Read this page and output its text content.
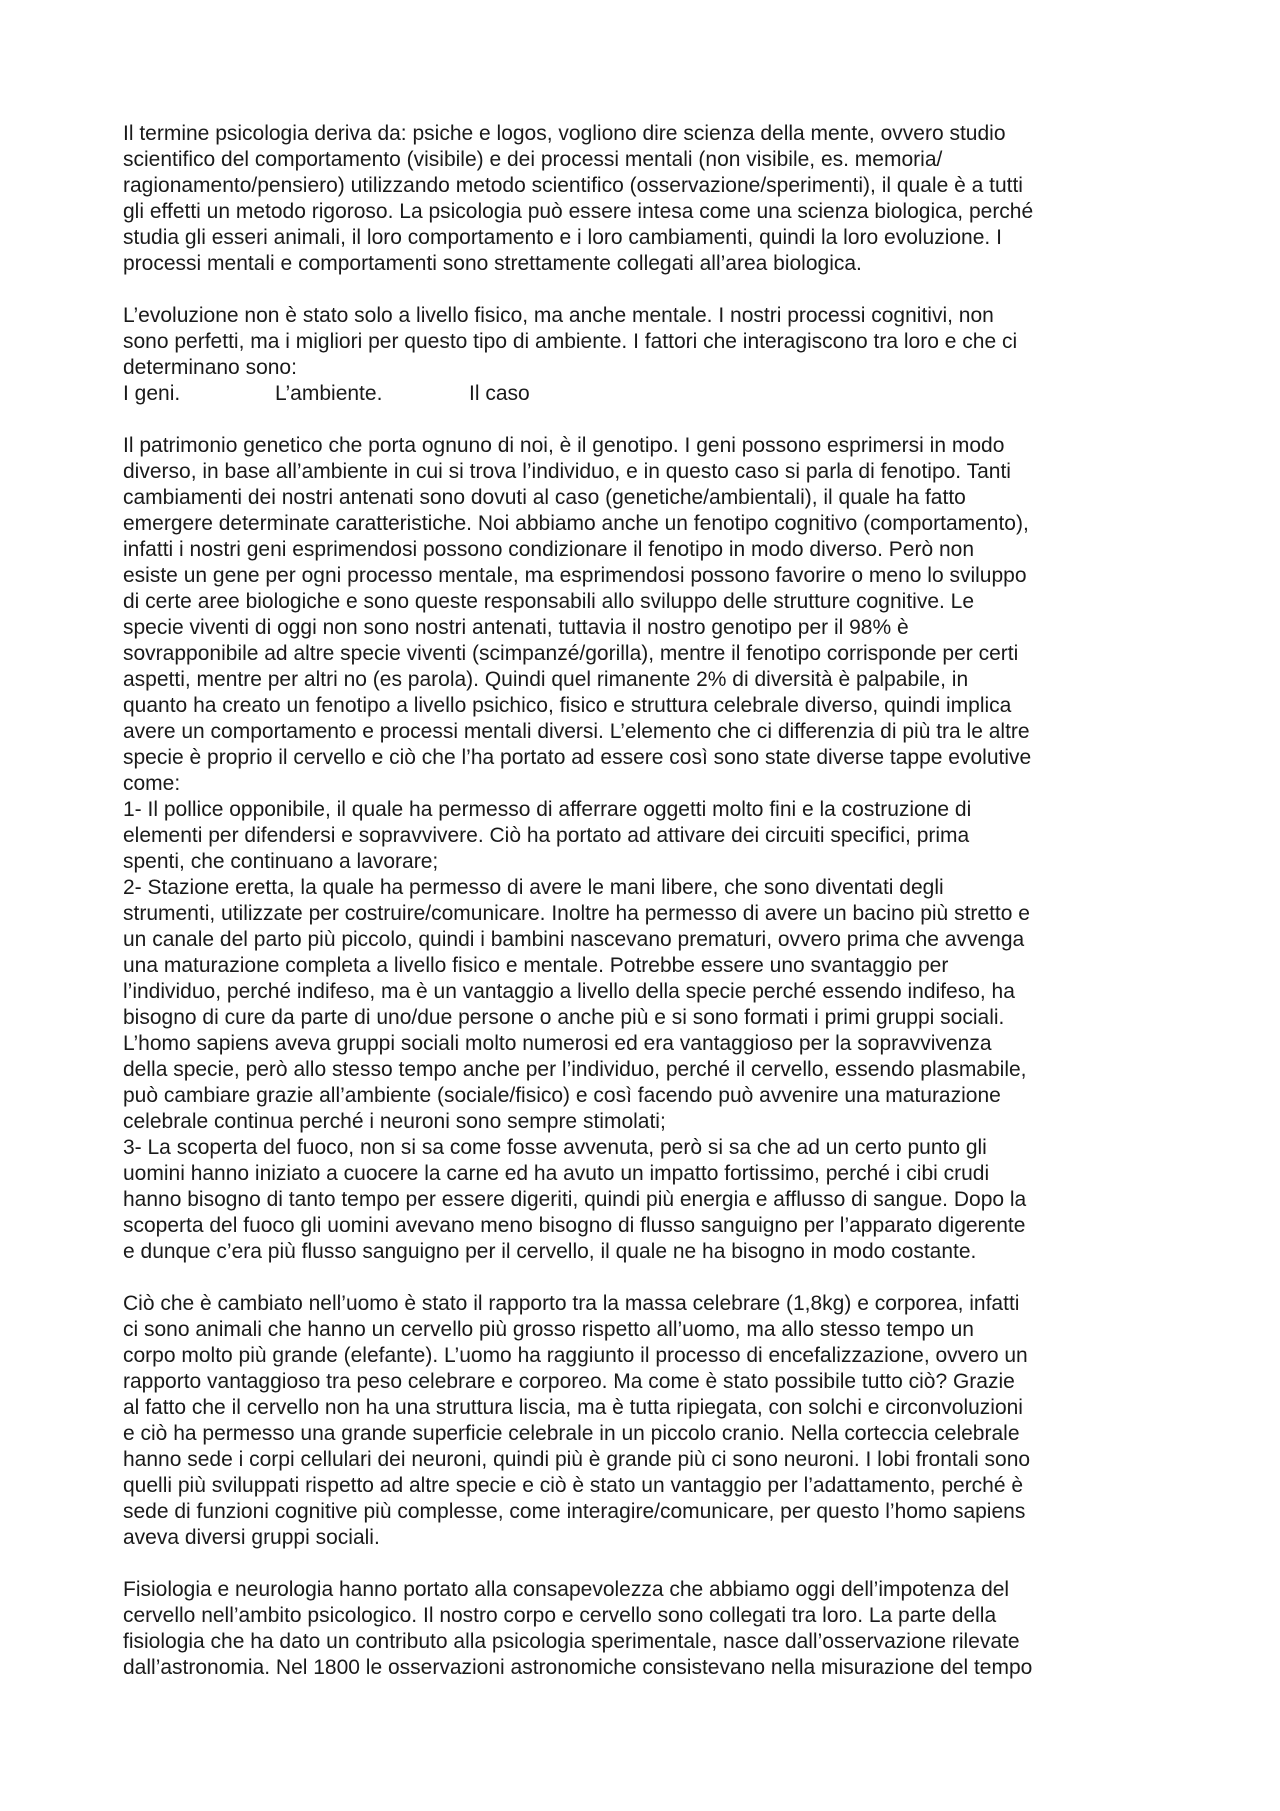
Il termine psicologia deriva da: psiche e logos, vogliono dire scienza della mente, ovvero studio
scientifico del comportamento (visibile) e dei processi mentali (non visibile, es. memoria/
ragionamento/pensiero) utilizzando metodo scientifico (osservazione/sperimenti), il quale è a tutti
gli effetti un metodo rigoroso. La psicologia può essere intesa come una scienza biologica, perché
studia gli esseri animali, il loro comportamento e i loro cambiamenti, quindi la loro evoluzione. I
processi mentali e comportamenti sono strettamente collegati all’area biologica.
L’evoluzione non è stato solo a livello fisico, ma anche mentale. I nostri processi cognitivi, non
sono perfetti, ma i migliori per questo tipo di ambiente. I fattori che interagiscono tra loro e che ci
determinano sono:
I geni.	L’ambiente.	Il caso
Il patrimonio genetico che porta ognuno di noi, è il genotipo. I geni possono esprimersi in modo
diverso, in base all’ambiente in cui si trova l’individuo, e in questo caso si parla di fenotipo. Tanti
cambiamenti dei nostri antenati sono dovuti al caso (genetiche/ambientali), il quale ha fatto
emergere determinate caratteristiche. Noi abbiamo anche un fenotipo cognitivo (comportamento),
infatti i nostri geni esprimendosi possono condizionare il fenotipo in modo diverso. Però non
esiste un gene per ogni processo mentale, ma esprimendosi possono favorire o meno lo sviluppo
di certe aree biologiche e sono queste responsabili allo sviluppo delle strutture cognitive. Le
specie viventi di oggi non sono nostri antenati, tuttavia il nostro genotipo per il 98% è
sovrapponibile ad altre specie viventi (scimpanzé/gorilla), mentre il fenotipo corrisponde per certi
aspetti, mentre per altri no (es parola). Quindi quel rimanente 2% di diversità è palpabile, in
quanto ha creato un fenotipo a livello psichico, fisico e struttura celebrale diverso, quindi implica
avere un comportamento e processi mentali diversi. L’elemento che ci differenzia di più tra le altre
specie è proprio il cervello e ciò che l’ha portato ad essere così sono state diverse tappe evolutive
come:
1- Il pollice opponibile, il quale ha permesso di afferrare oggetti molto fini e la costruzione di
elementi per difendersi e sopravvivere. Ciò ha portato ad attivare dei circuiti specifici, prima
spenti, che continuano a lavorare;
2- Stazione eretta, la quale ha permesso di avere le mani libere, che sono diventati degli
strumenti, utilizzate per costruire/comunicare. Inoltre ha permesso di avere un bacino più stretto e
un canale del parto più piccolo, quindi i bambini nascevano prematuri, ovvero prima che avvenga
una maturazione completa a livello fisico e mentale. Potrebbe essere uno svantaggio per
l’individuo, perché indifeso, ma è un vantaggio a livello della specie perché essendo indifeso, ha
bisogno di cure da parte di uno/due persone o anche più e si sono formati i primi gruppi sociali.
L’homo sapiens aveva gruppi sociali molto numerosi ed era vantaggioso per la sopravvivenza
della specie, però allo stesso tempo anche per l’individuo, perché il cervello, essendo plasmabile,
può cambiare grazie all’ambiente (sociale/fisico) e così facendo può avvenire una maturazione
celebrale continua perché i neuroni sono sempre stimolati;
3- La scoperta del fuoco, non si sa come fosse avvenuta, però si sa che ad un certo punto gli
uomini hanno iniziato a cuocere la carne ed ha avuto un impatto fortissimo, perché i cibi crudi
hanno bisogno di tanto tempo per essere digeriti, quindi più energia e afflusso di sangue. Dopo la
scoperta del fuoco gli uomini avevano meno bisogno di flusso sanguigno per l’apparato digerente
e dunque c’era più flusso sanguigno per il cervello, il quale ne ha bisogno in modo costante.
Ciò che è cambiato nell’uomo è stato il rapporto tra la massa celebrare (1,8kg) e corporea, infatti
ci sono animali che hanno un cervello più grosso rispetto all’uomo, ma allo stesso tempo un
corpo molto più grande (elefante). L’uomo ha raggiunto il processo di encefalizzazione, ovvero un
rapporto vantaggioso tra peso celebrare e corporeo. Ma come è stato possibile tutto ciò? Grazie
al fatto che il cervello non ha una struttura liscia, ma è tutta ripiegata, con solchi e circonvoluzioni
e ciò ha permesso una grande superficie celebrale in un piccolo cranio. Nella corteccia celebrale
hanno sede i corpi cellulari dei neuroni, quindi più è grande più ci sono neuroni. I lobi frontali sono
quelli più sviluppati rispetto ad altre specie e ciò è stato un vantaggio per l’adattamento, perché è
sede di funzioni cognitive più complesse, come interagire/comunicare, per questo l’homo sapiens
aveva diversi gruppi sociali.
Fisiologia e neurologia hanno portato alla consapevolezza che abbiamo oggi dell’impotenza del
cervello nell’ambito psicologico. Il nostro corpo e cervello sono collegati tra loro. La parte della
fisiologia che ha dato un contributo alla psicologia sperimentale, nasce dall’osservazione rilevate
dall’astronomia. Nel 1800 le osservazioni astronomiche consistevano nella misurazione del tempo
